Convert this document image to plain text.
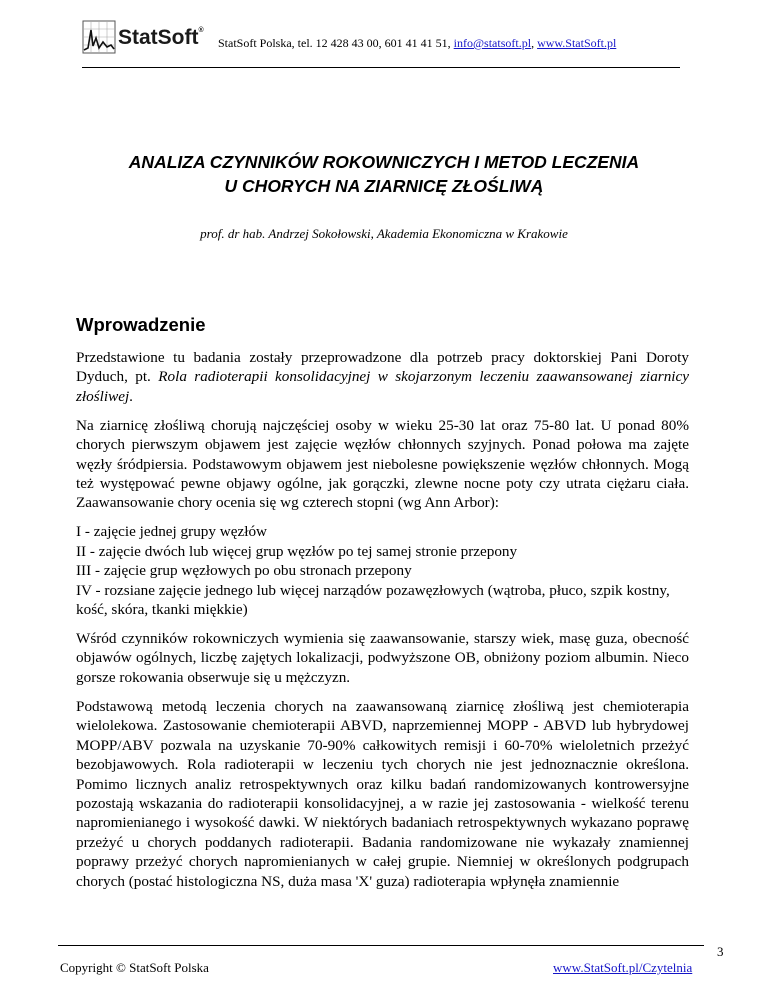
StatSoft®
StatSoft Polska, tel. 12 428 43 00, 601 41 41 51, info@statsoft.pl, www.StatSoft.pl
ANALIZA CZYNNIKÓW ROKOWNICZYCH I METOD LECZENIA
U CHORYCH NA ZIARNICĘ ZŁOŚLIWĄ
prof. dr hab. Andrzej Sokołowski, Akademia Ekonomiczna w Krakowie
Wprowadzenie

Przedstawione tu badania zostały przeprowadzone dla potrzeb pracy doktorskiej Pani Doroty Dyduch, pt. Rola radioterapii konsolidacyjnej w skojarzonym leczeniu zaawansowanej ziarnicy złośliwej.

Na ziarnicę złośliwą chorują najczęściej osoby w wieku 25-30 lat oraz 75-80 lat. U ponad 80% chorych pierwszym objawem jest zajęcie węzłów chłonnych szyjnych. Ponad połowa ma zajęte węzły śródpiersia. Podstawowym objawem jest niebolesne powiększenie węzłów chłonnych. Mogą też występować pewne objawy ogólne, jak gorączki, zlewne nocne poty czy utrata ciężaru ciała. Zaawansowanie chory ocenia się wg czterech stopni (wg Ann Arbor):

I - zajęcie jednej grupy węzłów
II - zajęcie dwóch lub więcej grup węzłów po tej samej stronie przepony
III - zajęcie grup węzłowych po obu stronach przepony
IV - rozsiane zajęcie jednego lub więcej narządów pozawęzłowych (wątroba, płuco, szpik kostny, kość, skóra, tkanki miękkie)

Wśród czynników rokowniczych wymienia się zaawansowanie, starszy wiek, masę guza, obecność objawów ogólnych, liczbę zajętych lokalizacji, podwyższone OB, obniżony poziom albumin. Nieco gorsze rokowania obserwuje się u mężczyzn.

Podstawową metodą leczenia chorych na zaawansowaną ziarnicę złośliwą jest chemioterapia wielolekowa. Zastosowanie chemioterapii ABVD, naprzemiennej MOPP - ABVD lub hybrydowej MOPP/ABV pozwala na uzyskanie 70-90% całkowitych remisji i 60-70% wieloletnich przeżyć bezobjawowych. Rola radioterapii w leczeniu tych chorych nie jest jednoznacznie określona. Pomimo licznych analiz retrospektywnych oraz kilku badań randomizowanych kontrowersyjne pozostają wskazania do radioterapii konsolidacyjnej, a w razie jej zastosowania - wielkość terenu napromienianego i wysokość dawki. W niektórych badaniach retrospektywnych wykazano poprawę przeżyć u chorych poddanych radioterapii. Badania randomizowane nie wykazały znamiennej poprawy przeżyć chorych napromienianych w całej grupie. Niemniej w określonych podgrupach chorych (postać histologiczna NS, duża masa 'X' guza) radioterapia wpłynęła znamiennie

Copyright © StatSoft Polska	www.StatSoft.pl/Czytelnia
3
